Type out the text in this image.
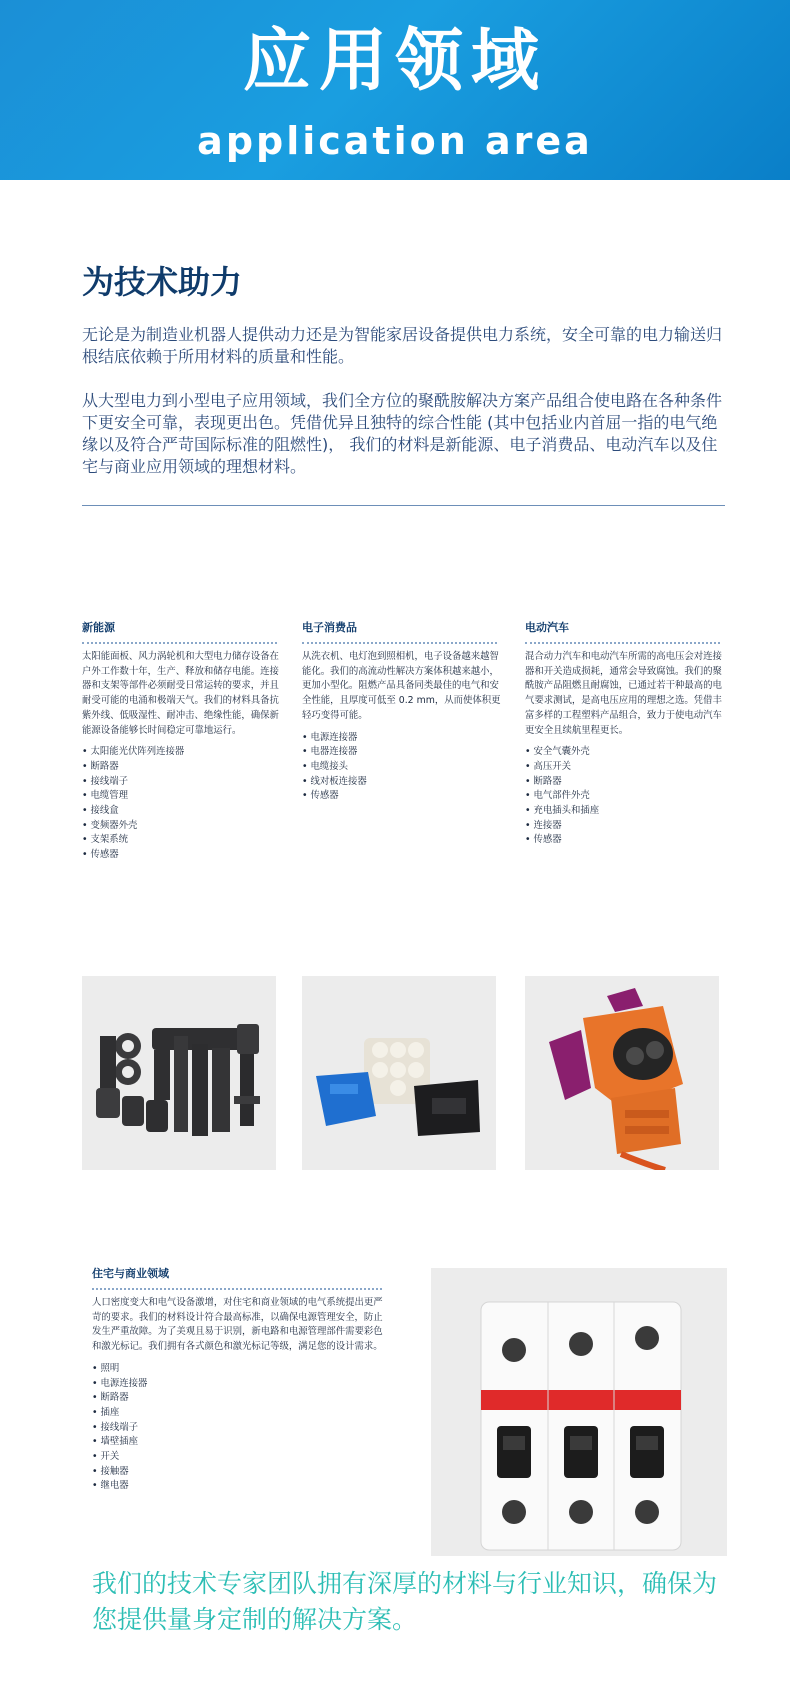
应用领域
application area
为技术助力

无论是为制造业机器人提供动力还是为智能家居设备提供电力系统，安全可靠的电力输送归根结底依赖于所用材料的质量和性能。

从大型电力到小型电子应用领域，我们全方位的聚酰胺解决方案产品组合使电路在各种条件下更安全可靠，表现更出色。凭借优异且独特的综合性能 (其中包括业内首屈一指的电气绝缘以及符合严苛国际标准的阻燃性)， 我们的材料是新能源、电子消费品、电动汽车以及住宅与商业应用领域的理想材料。

新能源

太阳能面板、风力涡轮机和大型电力储存设备在户外工作数十年，生产、释放和储存电能。连接器和支架等部件必须耐受日常运转的要求，并且耐受可能的电涌和极端天气。我们的材料具备抗紫外线、低吸湿性、耐冲击、绝缘性能，确保新能源设备能够长时间稳定可靠地运行。

• 太阳能光伏阵列连接器
• 断路器
• 接线端子
• 电缆管理
• 接线盒
• 变频器外壳
• 支架系统
• 传感器
电子消费品

从洗衣机、电灯泡到照相机，电子设备越来越智能化。我们的高流动性解决方案体积越来越小，更加小型化。阻燃产品具备同类最佳的电气和安全性能，且厚度可低至 0.2 mm，从而使体积更轻巧变得可能。

• 电源连接器
• 电器连接器
• 电缆接头
• 线对板连接器
• 传感器
电动汽车

混合动力汽车和电动汽车所需的高电压会对连接器和开关造成损耗，通常会导致腐蚀。我们的聚酰胺产品阻燃且耐腐蚀，已通过若干种最高的电气要求测试，是高电压应用的理想之选。凭借丰富多样的工程塑料产品组合，致力于使电动汽车更安全且续航里程更长。

• 安全气囊外壳
• 高压开关
• 断路器
• 电气部件外壳
• 充电插头和插座
• 连接器
• 传感器
住宅与商业领域

人口密度变大和电气设备激增，对住宅和商业领域的电气系统提出更严苛的要求。我们的材料设计符合最高标准，以确保电源管理安全，防止发生严重故障。为了美观且易于识别，新电路和电源管理部件需要彩色和激光标记。我们拥有各式颜色和激光标记等级，满足您的设计需求。

• 照明
• 电源连接器
• 断路器
• 插座
• 接线端子
• 墙壁插座
• 开关
• 接触器
• 继电器
我们的技术专家团队拥有深厚的材料与行业知识，确保为您提供量身定制的解决方案。
